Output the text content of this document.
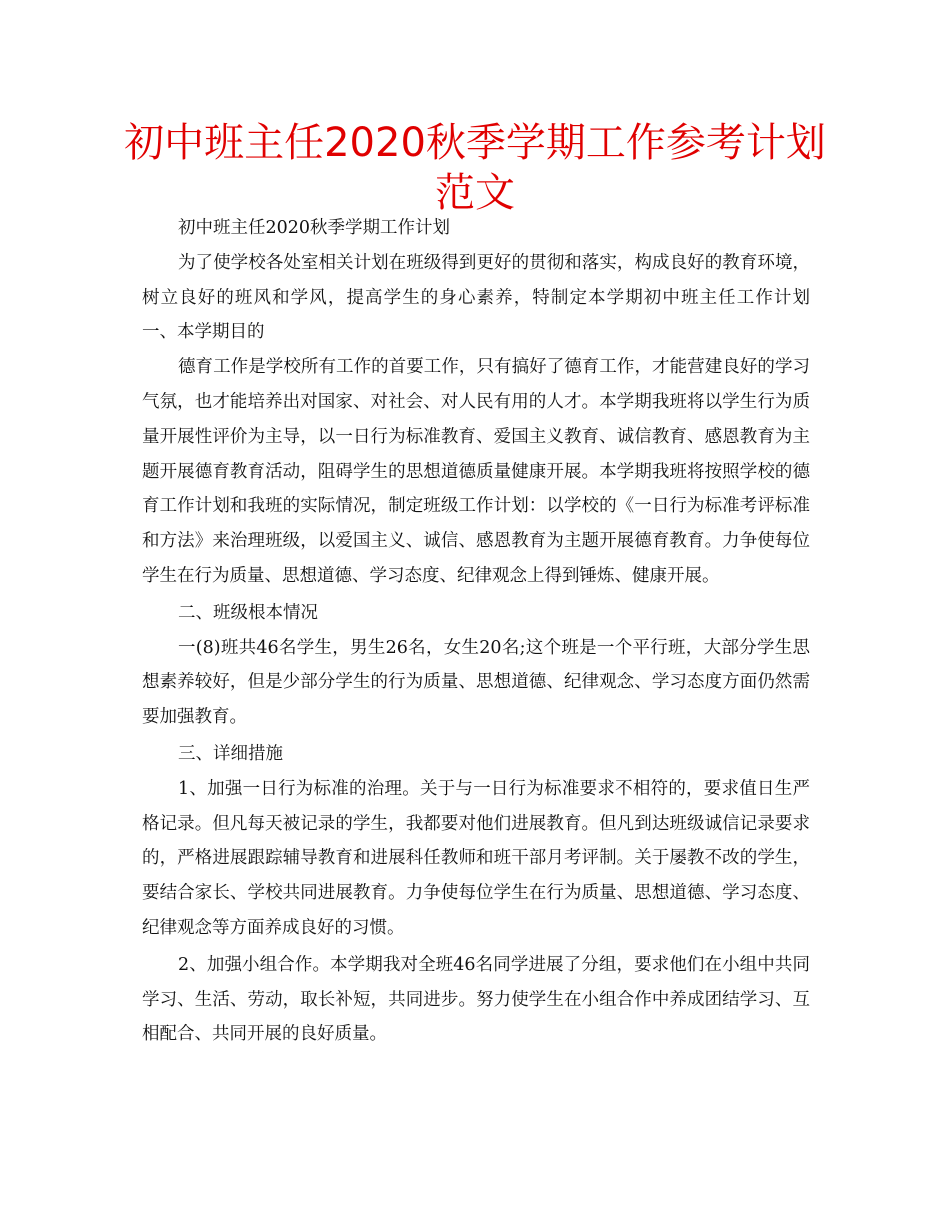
初中班主任2020秋季学期工作参考计划范文

初中班主任2020秋季学期工作计划

为了使学校各处室相关计划在班级得到更好的贯彻和落实，构成良好的教育环境，树立良好的班风和学风，提高学生的身心素养，特制定本学期初中班主任工作计划　　一、本学期目的

德育工作是学校所有工作的首要工作，只有搞好了德育工作，才能营建良好的学习气氛，也才能培养出对国家、对社会、对人民有用的人才。本学期我班将以学生行为质量开展性评价为主导，以一日行为标准教育、爱国主义教育、诚信教育、感恩教育为主题开展德育教育活动，阻碍学生的思想道德质量健康开展。本学期我班将按照学校的德育工作计划和我班的实际情况，制定班级工作计划：以学校的《一日行为标准考评标准和方法》来治理班级，以爱国主义、诚信、感恩教育为主题开展德育教育。力争使每位学生在行为质量、思想道德、学习态度、纪律观念上得到锤炼、健康开展。

二、班级根本情况

一(8)班共46名学生，男生26名，女生20名;这个班是一个平行班，大部分学生思想素养较好，但是少部分学生的行为质量、思想道德、纪律观念、学习态度方面仍然需要加强教育。

三、详细措施

1、加强一日行为标准的治理。关于与一日行为标准要求不相符的，要求值日生严格记录。但凡每天被记录的学生，我都要对他们进展教育。但凡到达班级诚信记录要求的，严格进展跟踪辅导教育和进展科任教师和班干部月考评制。关于屡教不改的学生，要结合家长、学校共同进展教育。力争使每位学生在行为质量、思想道德、学习态度、纪律观念等方面养成良好的习惯。

2、加强小组合作。本学期我对全班46名同学进展了分组，要求他们在小组中共同学习、生活、劳动，取长补短，共同进步。努力使学生在小组合作中养成团结学习、互相配合、共同开展的良好质量。
